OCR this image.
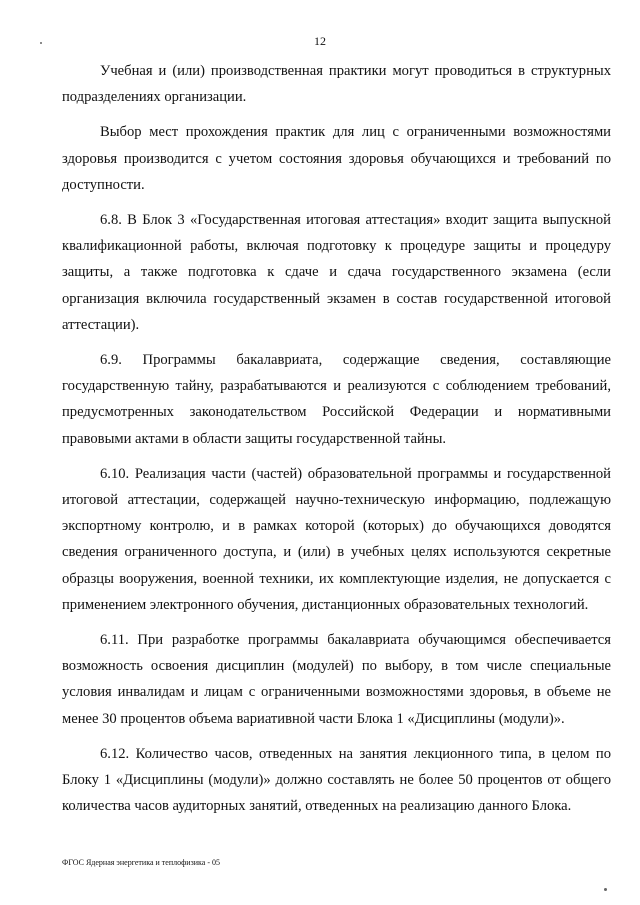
12

Учебная и (или) производственная практики могут проводиться в структурных подразделениях организации.

Выбор мест прохождения практик для лиц с ограниченными возможностями здоровья производится с учетом состояния здоровья обучающихся и требований по доступности.

6.8. В Блок 3 «Государственная итоговая аттестация» входит защита выпускной квалификационной работы, включая подготовку к процедуре защиты и процедуру защиты, а также подготовка к сдаче и сдача государственного экзамена (если организация включила государственный экзамен в состав государственной итоговой аттестации).

6.9. Программы бакалавриата, содержащие сведения, составляющие государственную тайну, разрабатываются и реализуются с соблюдением требований, предусмотренных законодательством Российской Федерации и нормативными правовыми актами в области защиты государственной тайны.

6.10. Реализация части (частей) образовательной программы и государственной итоговой аттестации, содержащей научно-техническую информацию, подлежащую экспортному контролю, и в рамках которой (которых) до обучающихся доводятся сведения ограниченного доступа, и (или) в учебных целях используются секретные образцы вооружения, военной техники, их комплектующие изделия, не допускается с применением электронного обучения, дистанционных образовательных технологий.

6.11. При разработке программы бакалавриата обучающимся обеспечивается возможность освоения дисциплин (модулей) по выбору, в том числе специальные условия инвалидам и лицам с ограниченными возможностями здоровья, в объеме не менее 30 процентов объема вариативной части Блока 1 «Дисциплины (модули)».

6.12. Количество часов, отведенных на занятия лекционного типа, в целом по Блоку 1 «Дисциплины (модули)» должно составлять не более 50 процентов от общего количества часов аудиторных занятий, отведенных на реализацию данного Блока.

ФГОС Ядерная энергетика и теплофизика - 05
